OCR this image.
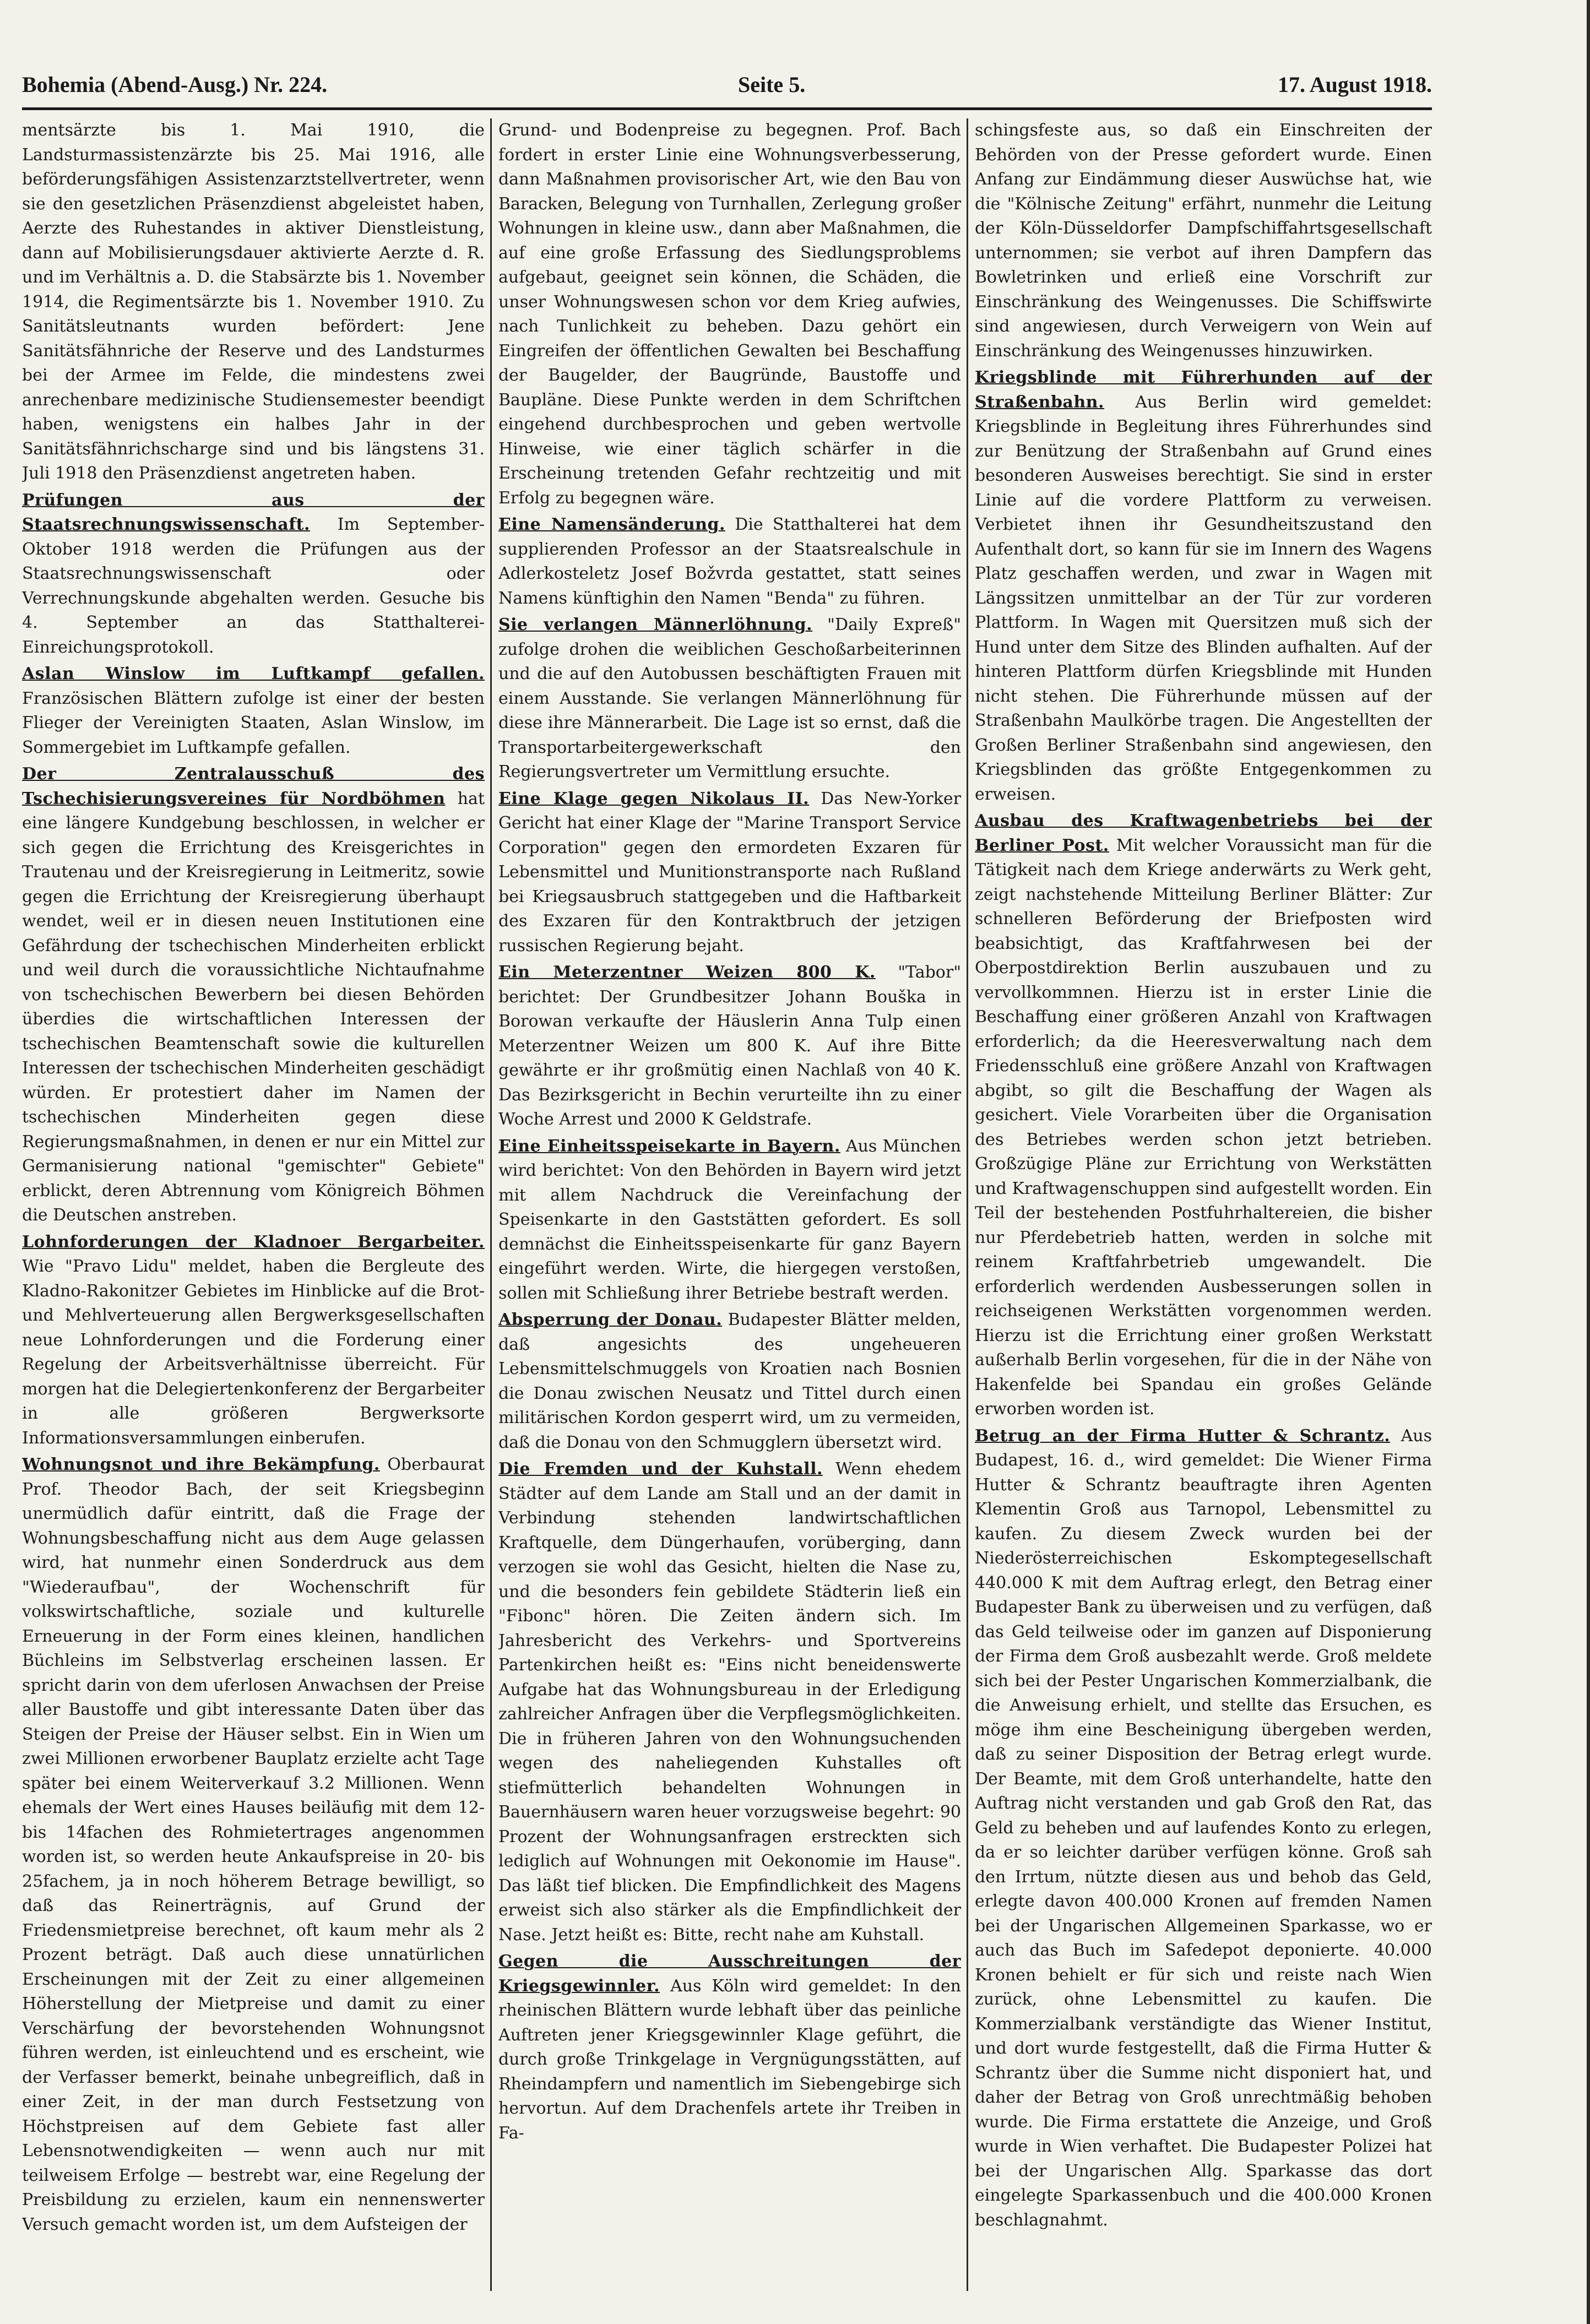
Bohemia (Abend-Ausg.) Nr. 224.	Seite 5.	17. August 1918.

mentsärzte bis 1. Mai 1910, die Landsturmassistenzärzte bis 25. Mai 1916, alle beförderungsfähigen Assistenzarztstellvertreter, wenn sie den gesetzlichen Präsenzdienst abgeleistet haben, Aerzte des Ruhestandes in aktiver Dienstleistung, dann auf Mobilisierungsdauer aktivierte Aerzte d. R. und im Verhältnis a. D. die Stabsärzte bis 1. November 1914, die Regimentsärzte bis 1. November 1910. Zu Sanitätsleutnants wurden befördert: Jene Sanitätsfähnriche der Reserve und des Landsturmes bei der Armee im Felde, die mindestens zwei anrechenbare medizinische Studiensemester beendigt haben, wenigstens ein halbes Jahr in der Sanitätsfähnrichscharge sind und bis längstens 31. Juli 1918 den Präsenzdienst angetreten haben.

Prüfungen aus der Staatsrechnungswissenschaft. Im September-Oktober 1918 werden die Prüfungen aus der Staatsrechnungswissenschaft oder Verrechnungskunde abgehalten werden. Gesuche bis 4. September an das Statthalterei-Einreichungsprotokoll.

Aslan Winslow im Luftkampf gefallen. Französischen Blättern zufolge ist einer der besten Flieger der Vereinigten Staaten, Aslan Winslow, im Sommergebiet im Luftkampfe gefallen.

Der Zentralausschuß des Tschechisierungsvereines für Nordböhmen hat eine längere Kundgebung beschlossen, in welcher er sich gegen die Errichtung des Kreisgerichtes in Trautenau und der Kreisregierung in Leitmeritz, sowie gegen die Errichtung der Kreisregierung überhaupt wendet, weil er in diesen neuen Institutionen eine Gefährdung der tschechischen Minderheiten erblickt und weil durch die voraussichtliche Nichtaufnahme von tschechischen Bewerbern bei diesen Behörden überdies die wirtschaftlichen Interessen der tschechischen Beamtenschaft sowie die kulturellen Interessen der tschechischen Minderheiten geschädigt würden. Er protestiert daher im Namen der tschechischen Minderheiten gegen diese Regierungsmaßnahmen, in denen er nur ein Mittel zur Germanisierung national "gemischter" Gebiete" erblickt, deren Abtrennung vom Königreich Böhmen die Deutschen anstreben.

Lohnforderungen der Kladnoer Bergarbeiter. Wie "Pravo Lidu" meldet, haben die Bergleute des Kladno-Rakonitzer Gebietes im Hinblicke auf die Brot- und Mehlverteuerung allen Bergwerksgesellschaften neue Lohnforderungen und die Forderung einer Regelung der Arbeitsverhältnisse überreicht. Für morgen hat die Delegiertenkonferenz der Bergarbeiter in alle größeren Bergwerksorte Informationsversammlungen einberufen.

Wohnungsnot und ihre Bekämpfung. Oberbaurat Prof. Theodor Bach, der seit Kriegsbeginn unermüdlich dafür eintritt, daß die Frage der Wohnungsbeschaffung nicht aus dem Auge gelassen wird, hat nunmehr einen Sonderdruck aus dem "Wiederaufbau", der Wochenschrift für volkswirtschaftliche, soziale und kulturelle Erneuerung in der Form eines kleinen, handlichen Büchleins im Selbstverlag erscheinen lassen. Er spricht darin von dem uferlosen Anwachsen der Preise aller Baustoffe und gibt interessante Daten über das Steigen der Preise der Häuser selbst. Ein in Wien um zwei Millionen erworbener Bauplatz erzielte acht Tage später bei einem Weiterverkauf 3.2 Millionen. Wenn ehemals der Wert eines Hauses beiläufig mit dem 12- bis 14fachen des Rohmietertrages angenommen worden ist, so werden heute Ankaufspreise in 20- bis 25fachem, ja in noch höherem Betrage bewilligt, so daß das Reinerträgnis, auf Grund der Friedensmietpreise berechnet, oft kaum mehr als 2 Prozent beträgt. Daß auch diese unnatürlichen Erscheinungen mit der Zeit zu einer allgemeinen Höherstellung der Mietpreise und damit zu einer Verschärfung der bevorstehenden Wohnungsnot führen werden, ist einleuchtend und es erscheint, wie der Verfasser bemerkt, beinahe unbegreiflich, daß in einer Zeit, in der man durch Festsetzung von Höchstpreisen auf dem Gebiete fast aller Lebensnotwendigkeiten — wenn auch nur mit teilweisem Erfolge — bestrebt war, eine Regelung der Preisbildung zu erzielen, kaum ein nennenswerter Versuch gemacht worden ist, um dem Aufsteigen der

Grund- und Bodenpreise zu begegnen. Prof. Bach fordert in erster Linie eine Wohnungsverbesserung, dann Maßnahmen provisorischer Art, wie den Bau von Baracken, Belegung von Turnhallen, Zerlegung großer Wohnungen in kleine usw., dann aber Maßnahmen, die auf eine große Erfassung des Siedlungsproblems aufgebaut, geeignet sein können, die Schäden, die unser Wohnungswesen schon vor dem Krieg aufwies, nach Tunlichkeit zu beheben. Dazu gehört ein Eingreifen der öffentlichen Gewalten bei Beschaffung der Baugelder, der Baugründe, Baustoffe und Baupläne. Diese Punkte werden in dem Schriftchen eingehend durchbesprochen und geben wertvolle Hinweise, wie einer täglich schärfer in die Erscheinung tretenden Gefahr rechtzeitig und mit Erfolg zu begegnen wäre.

Eine Namensänderung. Die Statthalterei hat dem supplierenden Professor an der Staatsrealschule in Adlerkosteletz Josef Božvrda gestattet, statt seines Namens künftighin den Namen "Benda" zu führen.

Sie verlangen Männerlöhnung. "Daily Expreß" zufolge drohen die weiblichen Geschoßarbeiterinnen und die auf den Autobussen beschäftigten Frauen mit einem Ausstande. Sie verlangen Männerlöhnung für diese ihre Männerarbeit. Die Lage ist so ernst, daß die Transportarbeitergewerkschaft den Regierungsvertreter um Vermittlung ersuchte.

Eine Klage gegen Nikolaus II. Das New-Yorker Gericht hat einer Klage der "Marine Transport Service Corporation" gegen den ermordeten Exzaren für Lebensmittel und Munitionstransporte nach Rußland bei Kriegsausbruch stattgegeben und die Haftbarkeit des Exzaren für den Kontraktbruch der jetzigen russischen Regierung bejaht.

Ein Meterzentner Weizen 800 K. "Tabor" berichtet: Der Grundbesitzer Johann Bouška in Borowan verkaufte der Häuslerin Anna Tulp einen Meterzentner Weizen um 800 K. Auf ihre Bitte gewährte er ihr großmütig einen Nachlaß von 40 K. Das Bezirksgericht in Bechin verurteilte ihn zu einer Woche Arrest und 2000 K Geldstrafe.

Eine Einheitsspeisekarte in Bayern. Aus München wird berichtet: Von den Behörden in Bayern wird jetzt mit allem Nachdruck die Vereinfachung der Speisenkarte in den Gaststätten gefordert. Es soll demnächst die Einheitsspeisenkarte für ganz Bayern eingeführt werden. Wirte, die hiergegen verstoßen, sollen mit Schließung ihrer Betriebe bestraft werden.

Absperrung der Donau. Budapester Blätter melden, daß angesichts des ungeheueren Lebensmittelschmuggels von Kroatien nach Bosnien die Donau zwischen Neusatz und Tittel durch einen militärischen Kordon gesperrt wird, um zu vermeiden, daß die Donau von den Schmugglern übersetzt wird.

Die Fremden und der Kuhstall. Wenn ehedem Städter auf dem Lande am Stall und an der damit in Verbindung stehenden landwirtschaftlichen Kraftquelle, dem Düngerhaufen, vorüberging, dann verzogen sie wohl das Gesicht, hielten die Nase zu, und die besonders fein gebildete Städterin ließ ein "Fibonc" hören. Die Zeiten ändern sich. Im Jahresbericht des Verkehrs- und Sportvereins Partenkirchen heißt es: "Eins nicht beneidenswerte Aufgabe hat das Wohnungsbureau in der Erledigung zahlreicher Anfragen über die Verpflegsmöglichkeiten. Die in früheren Jahren von den Wohnungsuchenden wegen des naheliegenden Kuhstalles oft stiefmütterlich behandelten Wohnungen in Bauernhäusern waren heuer vorzugsweise begehrt: 90 Prozent der Wohnungsanfragen erstreckten sich lediglich auf Wohnungen mit Oekonomie im Hause". Das läßt tief blicken. Die Empfindlichkeit des Magens erweist sich also stärker als die Empfindlichkeit der Nase. Jetzt heißt es: Bitte, recht nahe am Kuhstall.

Gegen die Ausschreitungen der Kriegsgewinnler. Aus Köln wird gemeldet: In den rheinischen Blättern wurde lebhaft über das peinliche Auftreten jener Kriegsgewinnler Klage geführt, die durch große Trinkgelage in Vergnügungsstätten, auf Rheindampfern und namentlich im Siebengebirge sich hervortun. Auf dem Drachenfels artete ihr Treiben in Fa-

schingsfeste aus, so daß ein Einschreiten der Behörden von der Presse gefordert wurde. Einen Anfang zur Eindämmung dieser Auswüchse hat, wie die "Kölnische Zeitung" erfährt, nunmehr die Leitung der Köln-Düsseldorfer Dampfschiffahrtsgesellschaft unternommen; sie verbot auf ihren Dampfern das Bowletrinken und erließ eine Vorschrift zur Einschränkung des Weingenusses. Die Schiffswirte sind angewiesen, durch Verweigern von Wein auf Einschränkung des Weingenusses hinzuwirken.

Kriegsblinde mit Führerhunden auf der Straßenbahn. Aus Berlin wird gemeldet: Kriegsblinde in Begleitung ihres Führerhundes sind zur Benützung der Straßenbahn auf Grund eines besonderen Ausweises berechtigt. Sie sind in erster Linie auf die vordere Plattform zu verweisen. Verbietet ihnen ihr Gesundheitszustand den Aufenthalt dort, so kann für sie im Innern des Wagens Platz geschaffen werden, und zwar in Wagen mit Längssitzen unmittelbar an der Tür zur vorderen Plattform. In Wagen mit Quersitzen muß sich der Hund unter dem Sitze des Blinden aufhalten. Auf der hinteren Plattform dürfen Kriegsblinde mit Hunden nicht stehen. Die Führerhunde müssen auf der Straßenbahn Maulkörbe tragen. Die Angestellten der Großen Berliner Straßenbahn sind angewiesen, den Kriegsblinden das größte Entgegenkommen zu erweisen.

Ausbau des Kraftwagenbetriebs bei der Berliner Post. Mit welcher Voraussicht man für die Tätigkeit nach dem Kriege anderwärts zu Werk geht, zeigt nachstehende Mitteilung Berliner Blätter: Zur schnelleren Beförderung der Briefposten wird beabsichtigt, das Kraftfahrwesen bei der Oberpostdirektion Berlin auszubauen und zu vervollkommnen. Hierzu ist in erster Linie die Beschaffung einer größeren Anzahl von Kraftwagen erforderlich; da die Heeresverwaltung nach dem Friedensschluß eine größere Anzahl von Kraftwagen abgibt, so gilt die Beschaffung der Wagen als gesichert. Viele Vorarbeiten über die Organisation des Betriebes werden schon jetzt betrieben. Großzügige Pläne zur Errichtung von Werkstätten und Kraftwagenschuppen sind aufgestellt worden. Ein Teil der bestehenden Postfuhrhaltereien, die bisher nur Pferdebetrieb hatten, werden in solche mit reinem Kraftfahrbetrieb umgewandelt. Die erforderlich werdenden Ausbesserungen sollen in reichseigenen Werkstätten vorgenommen werden. Hierzu ist die Errichtung einer großen Werkstatt außerhalb Berlin vorgesehen, für die in der Nähe von Hakenfelde bei Spandau ein großes Gelände erworben worden ist.

Betrug an der Firma Hutter & Schrantz. Aus Budapest, 16. d., wird gemeldet: Die Wiener Firma Hutter & Schrantz beauftragte ihren Agenten Klementin Groß aus Tarnopol, Lebensmittel zu kaufen. Zu diesem Zweck wurden bei der Niederösterreichischen Eskomptegesellschaft 440.000 K mit dem Auftrag erlegt, den Betrag einer Budapester Bank zu überweisen und zu verfügen, daß das Geld teilweise oder im ganzen auf Disponierung der Firma dem Groß ausbezahlt werde. Groß meldete sich bei der Pester Ungarischen Kommerzialbank, die die Anweisung erhielt, und stellte das Ersuchen, es möge ihm eine Bescheinigung übergeben werden, daß zu seiner Disposition der Betrag erlegt wurde. Der Beamte, mit dem Groß unterhandelte, hatte den Auftrag nicht verstanden und gab Groß den Rat, das Geld zu beheben und auf laufendes Konto zu erlegen, da er so leichter darüber verfügen könne. Groß sah den Irrtum, nützte diesen aus und behob das Geld, erlegte davon 400.000 Kronen auf fremden Namen bei der Ungarischen Allgemeinen Sparkasse, wo er auch das Buch im Safedepot deponierte. 40.000 Kronen behielt er für sich und reiste nach Wien zurück, ohne Lebensmittel zu kaufen. Die Kommerzialbank verständigte das Wiener Institut, und dort wurde festgestellt, daß die Firma Hutter & Schrantz über die Summe nicht disponiert hat, und daher der Betrag von Groß unrechtmäßig behoben wurde. Die Firma erstattete die Anzeige, und Groß wurde in Wien verhaftet. Die Budapester Polizei hat bei der Ungarischen Allg. Sparkasse das dort eingelegte Sparkassenbuch und die 400.000 Kronen beschlagnahmt.
